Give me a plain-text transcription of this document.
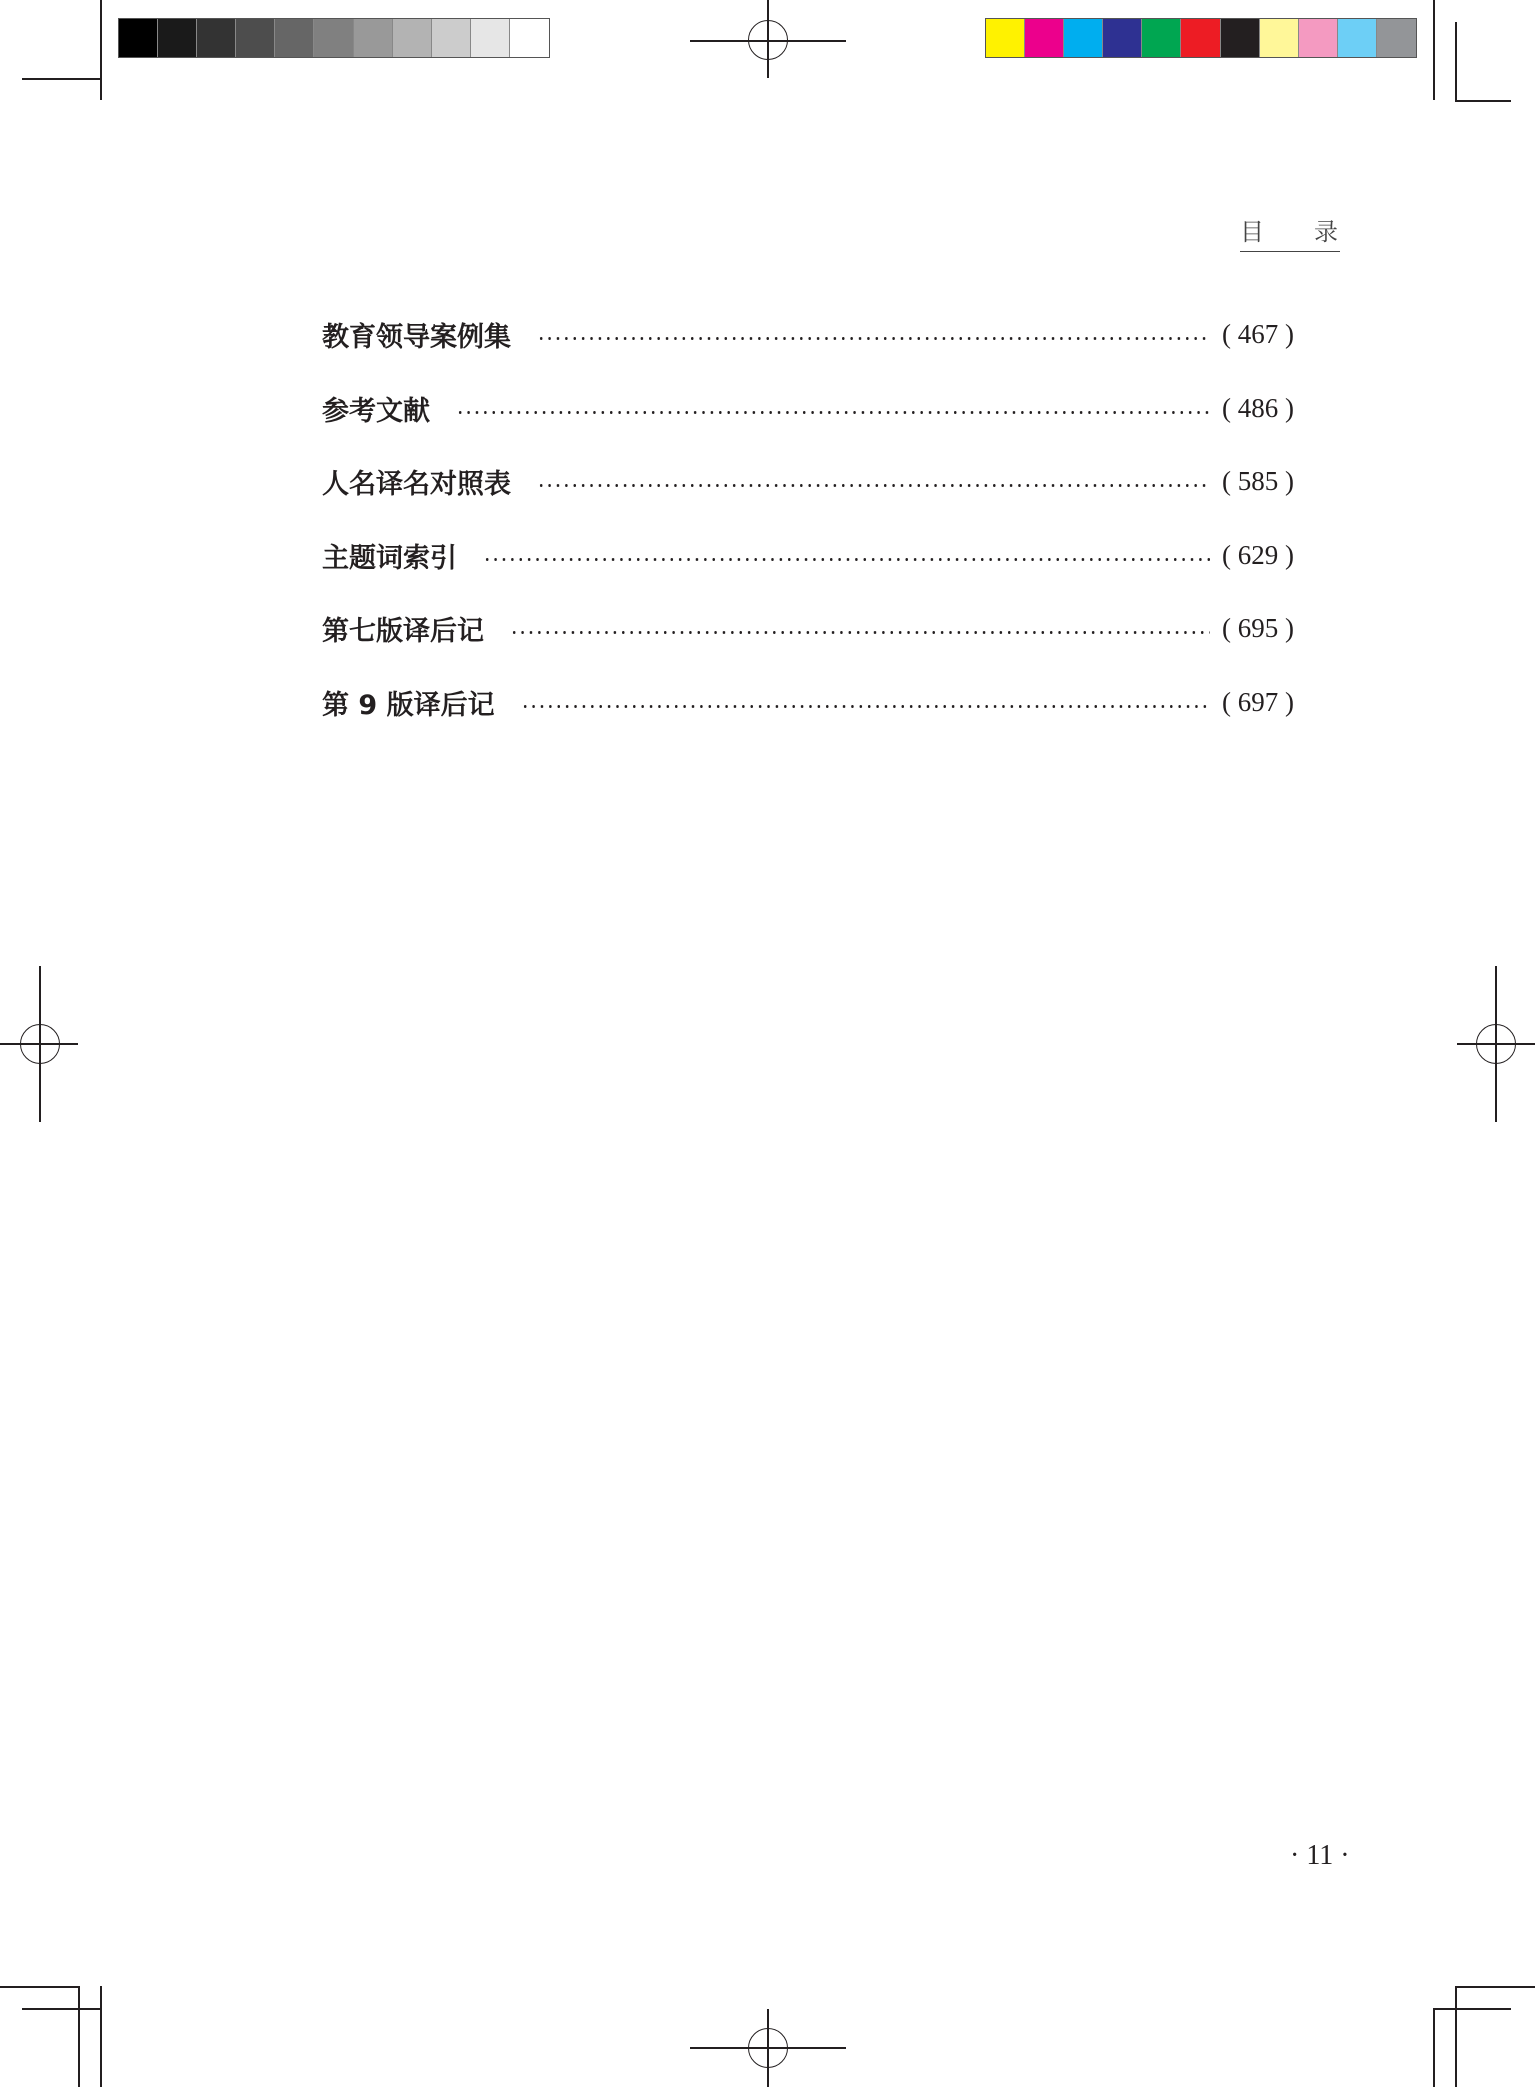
目 录
教育领导案例集	( 467 )
参考文献	( 486 )
人名译名对照表	( 585 )
主题词索引	( 629 )
第七版译后记	( 695 )
第 9 版译后记	( 697 )
· 11 ·
